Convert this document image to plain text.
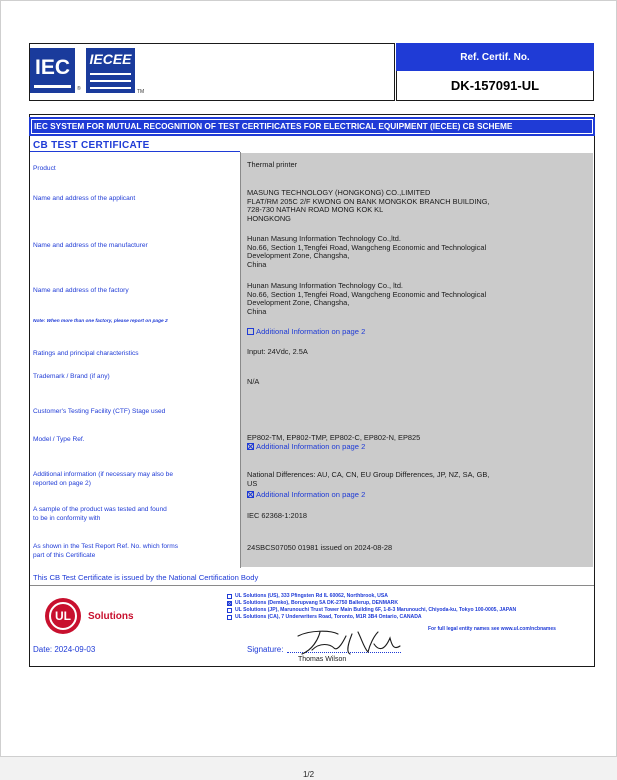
IEC
®
IECEE
TM
Ref. Certif. No.
DK-157091-UL
IEC SYSTEM FOR MUTUAL RECOGNITION OF TEST CERTIFICATES FOR ELECTRICAL EQUIPMENT (IECEE) CB SCHEME
CB TEST CERTIFICATE
Product
Name and address of the applicant
Name and address of the manufacturer
Name and address of the factory
Note: When more than one factory, please report on page 2
Ratings and principal characteristics
Trademark / Brand (if any)
Customer's Testing Facility (CTF) Stage used
Model / Type Ref.
Additional information (if necessary may also be
reported on page 2)
A sample of the product was tested and found
to be in conformity with
As shown in the Test Report Ref. No. which forms
part of this Certificate
Thermal printer
MASUNG TECHNOLOGY (HONGKONG) CO.,LIMITED
FLAT/RM 205C 2/F KWONG ON BANK MONGKOK BRANCH BUILDING,
728-730 NATHAN ROAD MONG KOK KL
HONGKONG
Hunan Masung Information Technology Co.,ltd.
No.66, Section 1,Tengfei Road, Wangcheng Economic and Technological
Development Zone, Changsha,
China
Hunan Masung Information Technology Co., ltd.
No.66, Section 1,Tengfei Road, Wangcheng Economic and Technological
Development Zone, Changsha,
China
Additional Information on page 2
Input: 24Vdc, 2.5A
N/A
EP802-TM, EP802-TMP, EP802-C, EP802-N, EP825
Additional Information on page 2
National Differences: AU, CA, CN, EU Group Differences, JP, NZ, SA, GB,
US
Additional Information on page 2
IEC 62368-1:2018
24SBCS07050 01981 issued on 2024-08-28
This CB Test Certificate is issued by the National Certification Body
UL	Solutions
UL Solutions (US), 333 Pfingsten Rd IL 60062, Northbrook, USA
UL Solutions (Demko), Borupvang 5A DK-2750 Ballerup, DENMARK
UL Solutions (JP), Marunouchi Trust Tower Main Building 6F, 1-8-3 Marunouchi, Chiyoda-ku, Tokyo 100-0005, JAPAN
UL Solutions (CA), 7 Underwriters Road, Toronto, M1R 3B4 Ontario, CANADA
For full legal entity names see www.ul.com/ncbnames
Date: 2024-09-03	Signature:
Thomas Wilson
1/2
